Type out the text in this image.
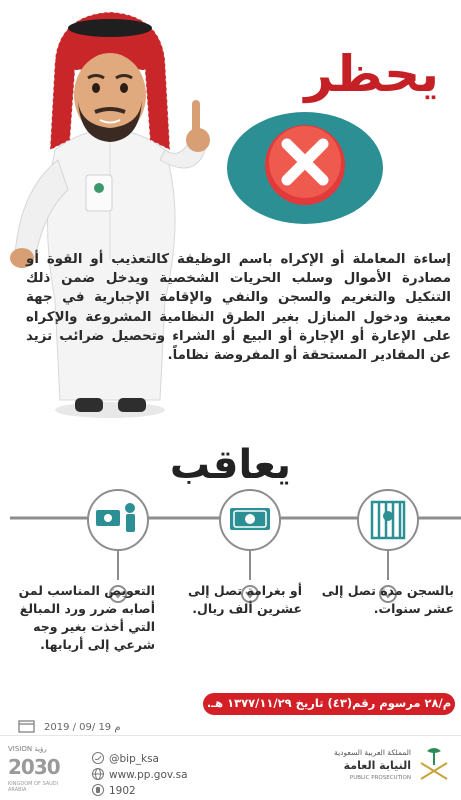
يحظر
إساءة المعاملة أو الإكراه باسم الوظيفة كالتعذيب أو القوة أو مصادرة الأموال وسلب الحريات الشخصية ويدخل ضمن ذلك التنكيل والتغريم والسجن والنفي والإقامة الإجبارية في جهة معينة ودخول المنازل بغير الطرق النظامية المشروعة والإكراه على الإعارة أو الإجارة أو البيع أو الشراء وتحصيل ضرائب تزيد عن المقادير المستحقة أو المفروضة نظاماً.
يعاقب
بالسجن مدة تصل إلى عشر سنوات.
أو بغرامة تصل إلى عشرين ألف ريال.
التعويض المناسب لمن أصابه ضرر ورد المبالغ التي أخذت بغير وجه شرعي إلى أربابها.
م/٢٨ مرسوم رقم(٤٣) تاريخ ١٣٧٧/١١/٢٩ هـ.
2019 / 09/ 19 م
VISION رؤية
2030
KINGDOM OF SAUDI ARABIA
@bip_ksa
www.pp.gov.sa
1902
المملكة العربية السعودية
النيابة العامة
PUBLIC PROSECUTION
